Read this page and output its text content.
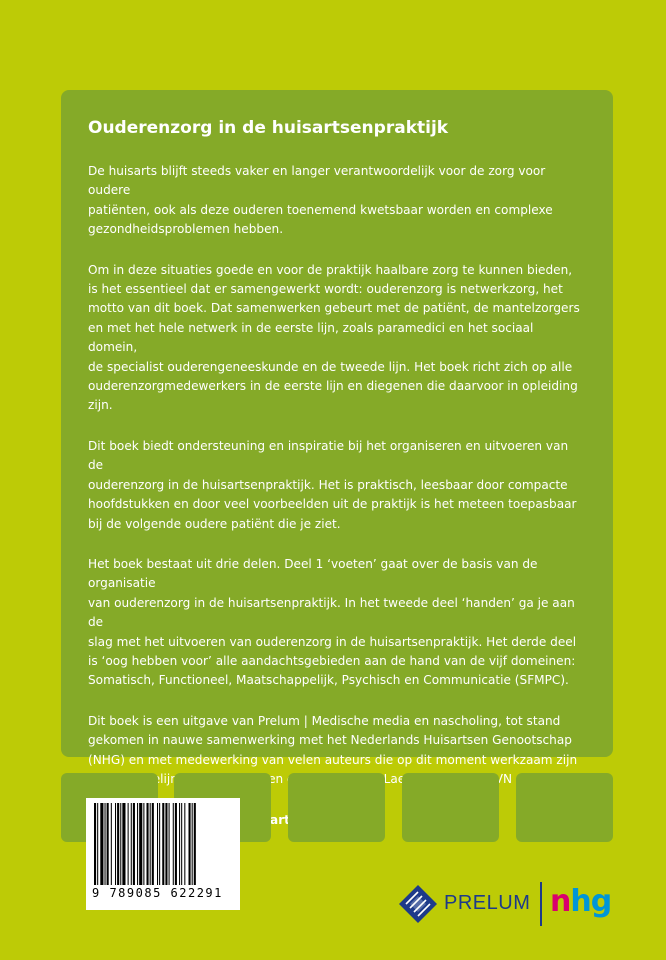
Ouderenzorg in de huisartsenpraktijk

De huisarts blijft steeds vaker en langer verantwoordelijk voor de zorg voor oudere
patiënten, ook als deze ouderen toenemend kwetsbaar worden en complexe
gezondheidsproblemen hebben.

Om in deze situaties goede en voor de praktijk haalbare zorg te kunnen bieden,
is het essentieel dat er samengewerkt wordt: ouderenzorg is netwerkzorg, het
motto van dit boek. Dat samenwerken gebeurt met de patiënt, de mantelzorgers
en met het hele netwerk in de eerste lijn, zoals paramedici en het sociaal domein,
de specialist ouderengeneeskunde en de tweede lijn. Het boek richt zich op alle
ouderenzorgmedewerkers in de eerste lijn en diegenen die daarvoor in opleiding zijn.

Dit boek biedt ondersteuning en inspiratie bij het organiseren en uitvoeren van de
ouderenzorg in de huisartsenpraktijk. Het is praktisch, leesbaar door compacte
hoofdstukken en door veel voorbeelden uit de praktijk is het meteen toepasbaar
bij de volgende oudere patiënt die je ziet.

Het boek bestaat uit drie delen. Deel 1 ‘voeten’ gaat over de basis van de organisatie
van ouderenzorg in de huisartsenpraktijk. In het tweede deel ‘handen’ ga je aan de
slag met het uitvoeren van ouderenzorg in de huisartsenpraktijk. Het derde deel
is ‘oog hebben voor’ alle aandachtsgebieden aan de hand van de vijf domeinen:
Somatisch, Functioneel, Maatschappelijk, Psychisch en Communicatie (SFMPC).

Dit boek is een uitgave van Prelum | Medische media en nascholing, tot stand
gekomen in nauwe samenwerking met het Nederlands Huisartsen Genootschap
(NHG) en met medewerking van velen auteurs die op dit moment werkzaam zijn
en

9 789085 622291	PRELUM nhg
